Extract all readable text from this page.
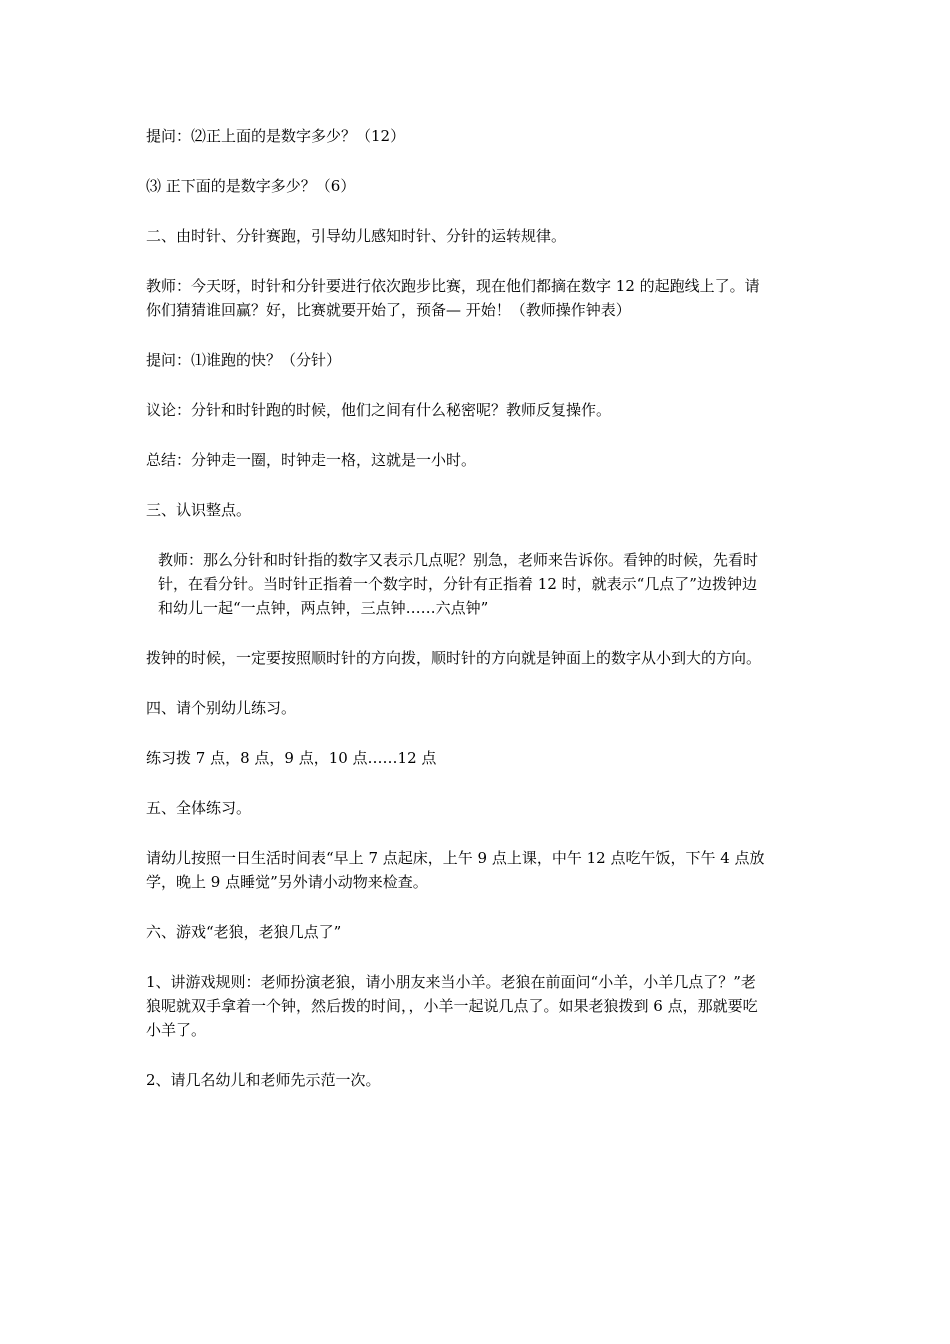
提问：⑵正上面的是数字多少？（12）

⑶ 正下面的是数字多少？（6）

二、由时针、分针赛跑，引导幼儿感知时针、分针的运转规律。

教师：今天呀，时针和分针要进行依次跑步比赛，现在他们都摘在数字 12 的起跑线上了。请
你们猜猜谁回赢？好，比赛就要开始了，预备— 开始！（教师操作钟表）

提问：⑴谁跑的快？（分针）

议论：分针和时针跑的时候，他们之间有什么秘密呢？教师反复操作。

总结：分钟走一圈，时钟走一格，这就是一小时。

三、认识整点。

教师：那么分针和时针指的数字又表示几点呢？别急，老师来告诉你。看钟的时候，先看时
针，在看分针。当时针正指着一个数字时，分针有正指着 12 时，就表示“几点了”边拨钟边
和幼儿一起“一点钟，两点钟，三点钟……六点钟”

拨钟的时候，一定要按照顺时针的方向拨，顺时针的方向就是钟面上的数字从小到大的方向。

四、请个别幼儿练习。

练习拨 7 点，8 点，9 点，10 点……12 点

五、全体练习。

请幼儿按照一日生活时间表“早上 7 点起床，上午 9 点上课，中午 12 点吃午饭，下午 4 点放
学，晚上 9 点睡觉”另外请小动物来检查。

六、游戏“老狼，老狼几点了”

1、讲游戏规则：老师扮演老狼，请小朋友来当小羊。老狼在前面问“小羊，小羊几点了？”老
狼呢就双手拿着一个钟，然后拨的时间，，小羊一起说几点了。如果老狼拨到 6 点，那就要吃
小羊了。

2、请几名幼儿和老师先示范一次。
